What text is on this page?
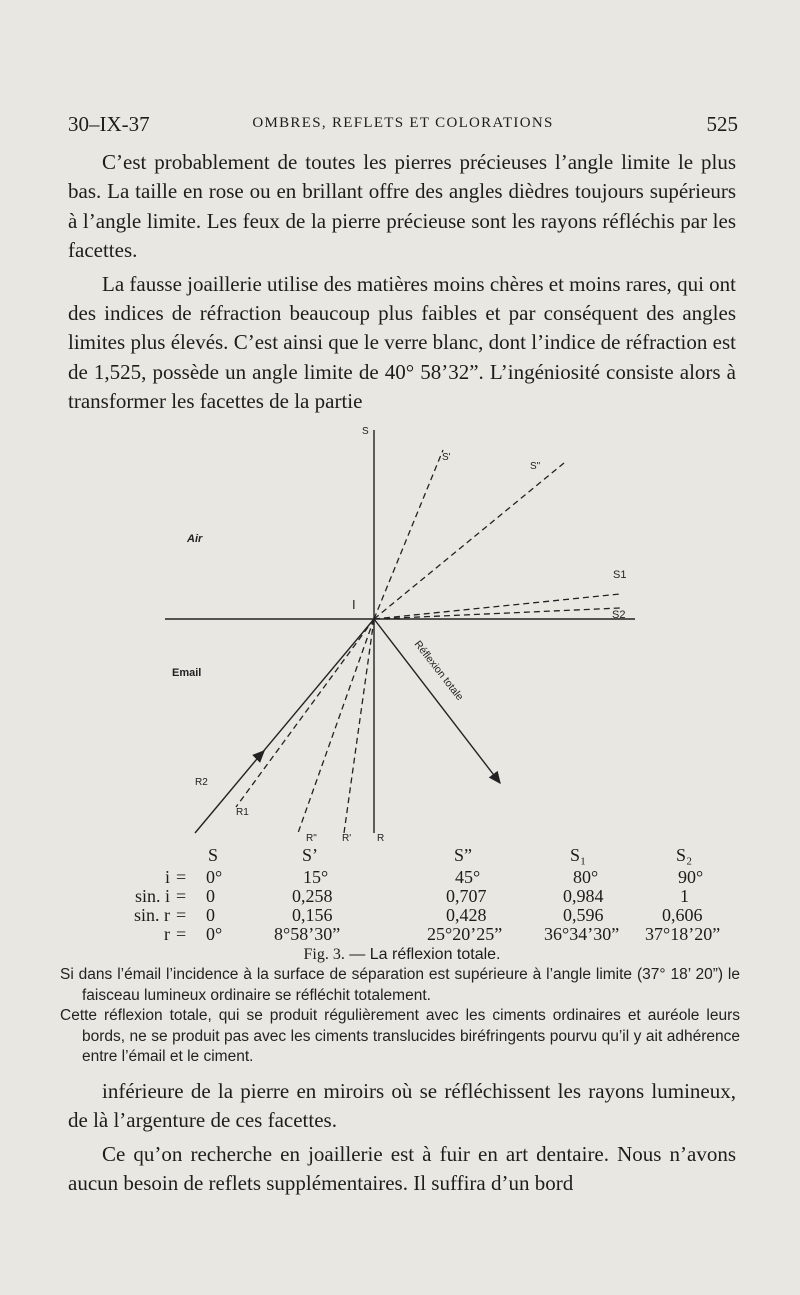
30–IX-37	OMBRES, REFLETS ET COLORATIONS	525

C’est probablement de toutes les pierres précieuses l’angle limite le plus bas. La taille en rose ou en brillant offre des angles dièdres toujours supérieurs à l’angle limite. Les feux de la pierre précieuse sont les rayons réfléchis par les facettes.

La fausse joaillerie utilise des matières moins chères et moins rares, qui ont des indices de réfraction beaucoup plus faibles et par conséquent des angles limites plus élevés. C’est ainsi que le verre blanc, dont l’indice de réfraction est de 1,525, possède un angle limite de 40° 58’32”. L’ingéniosité consiste alors à transformer les facettes de la partie

S
S'
S"
S1
S2
Air
Email
I
R
R'
R"
R1
R2
Réflexion totale
S	S’	S”	S₁	S₂
i = 0°	15°	45°	80°	90°
sin. i = 0	0,258	0,707	0,984	1
sin. r = 0	0,156	0,428	0,596	0,606
r = 0°	8°58’30”	25°20’25” 36°34’30” 37°18’20”
Fig. 3. — La réflexion totale.

Si dans l’émail l’incidence à la surface de séparation est supérieure à l’angle limite (37° 18’ 20”) le faisceau lumineux ordinaire se réfléchit totalement.

Cette réflexion totale, qui se produit régulièrement avec les ciments ordinaires et auréole leurs bords, ne se produit pas avec les ciments translucides biréfringents pourvu qu’il y ait adhérence entre l’émail et le ciment.

inférieure de la pierre en miroirs où se réfléchissent les rayons lumineux, de là l’argenture de ces facettes.

Ce qu’on recherche en joaillerie est à fuir en art dentaire. Nous n’avons aucun besoin de reflets supplémentaires. Il suffira d’un bord
